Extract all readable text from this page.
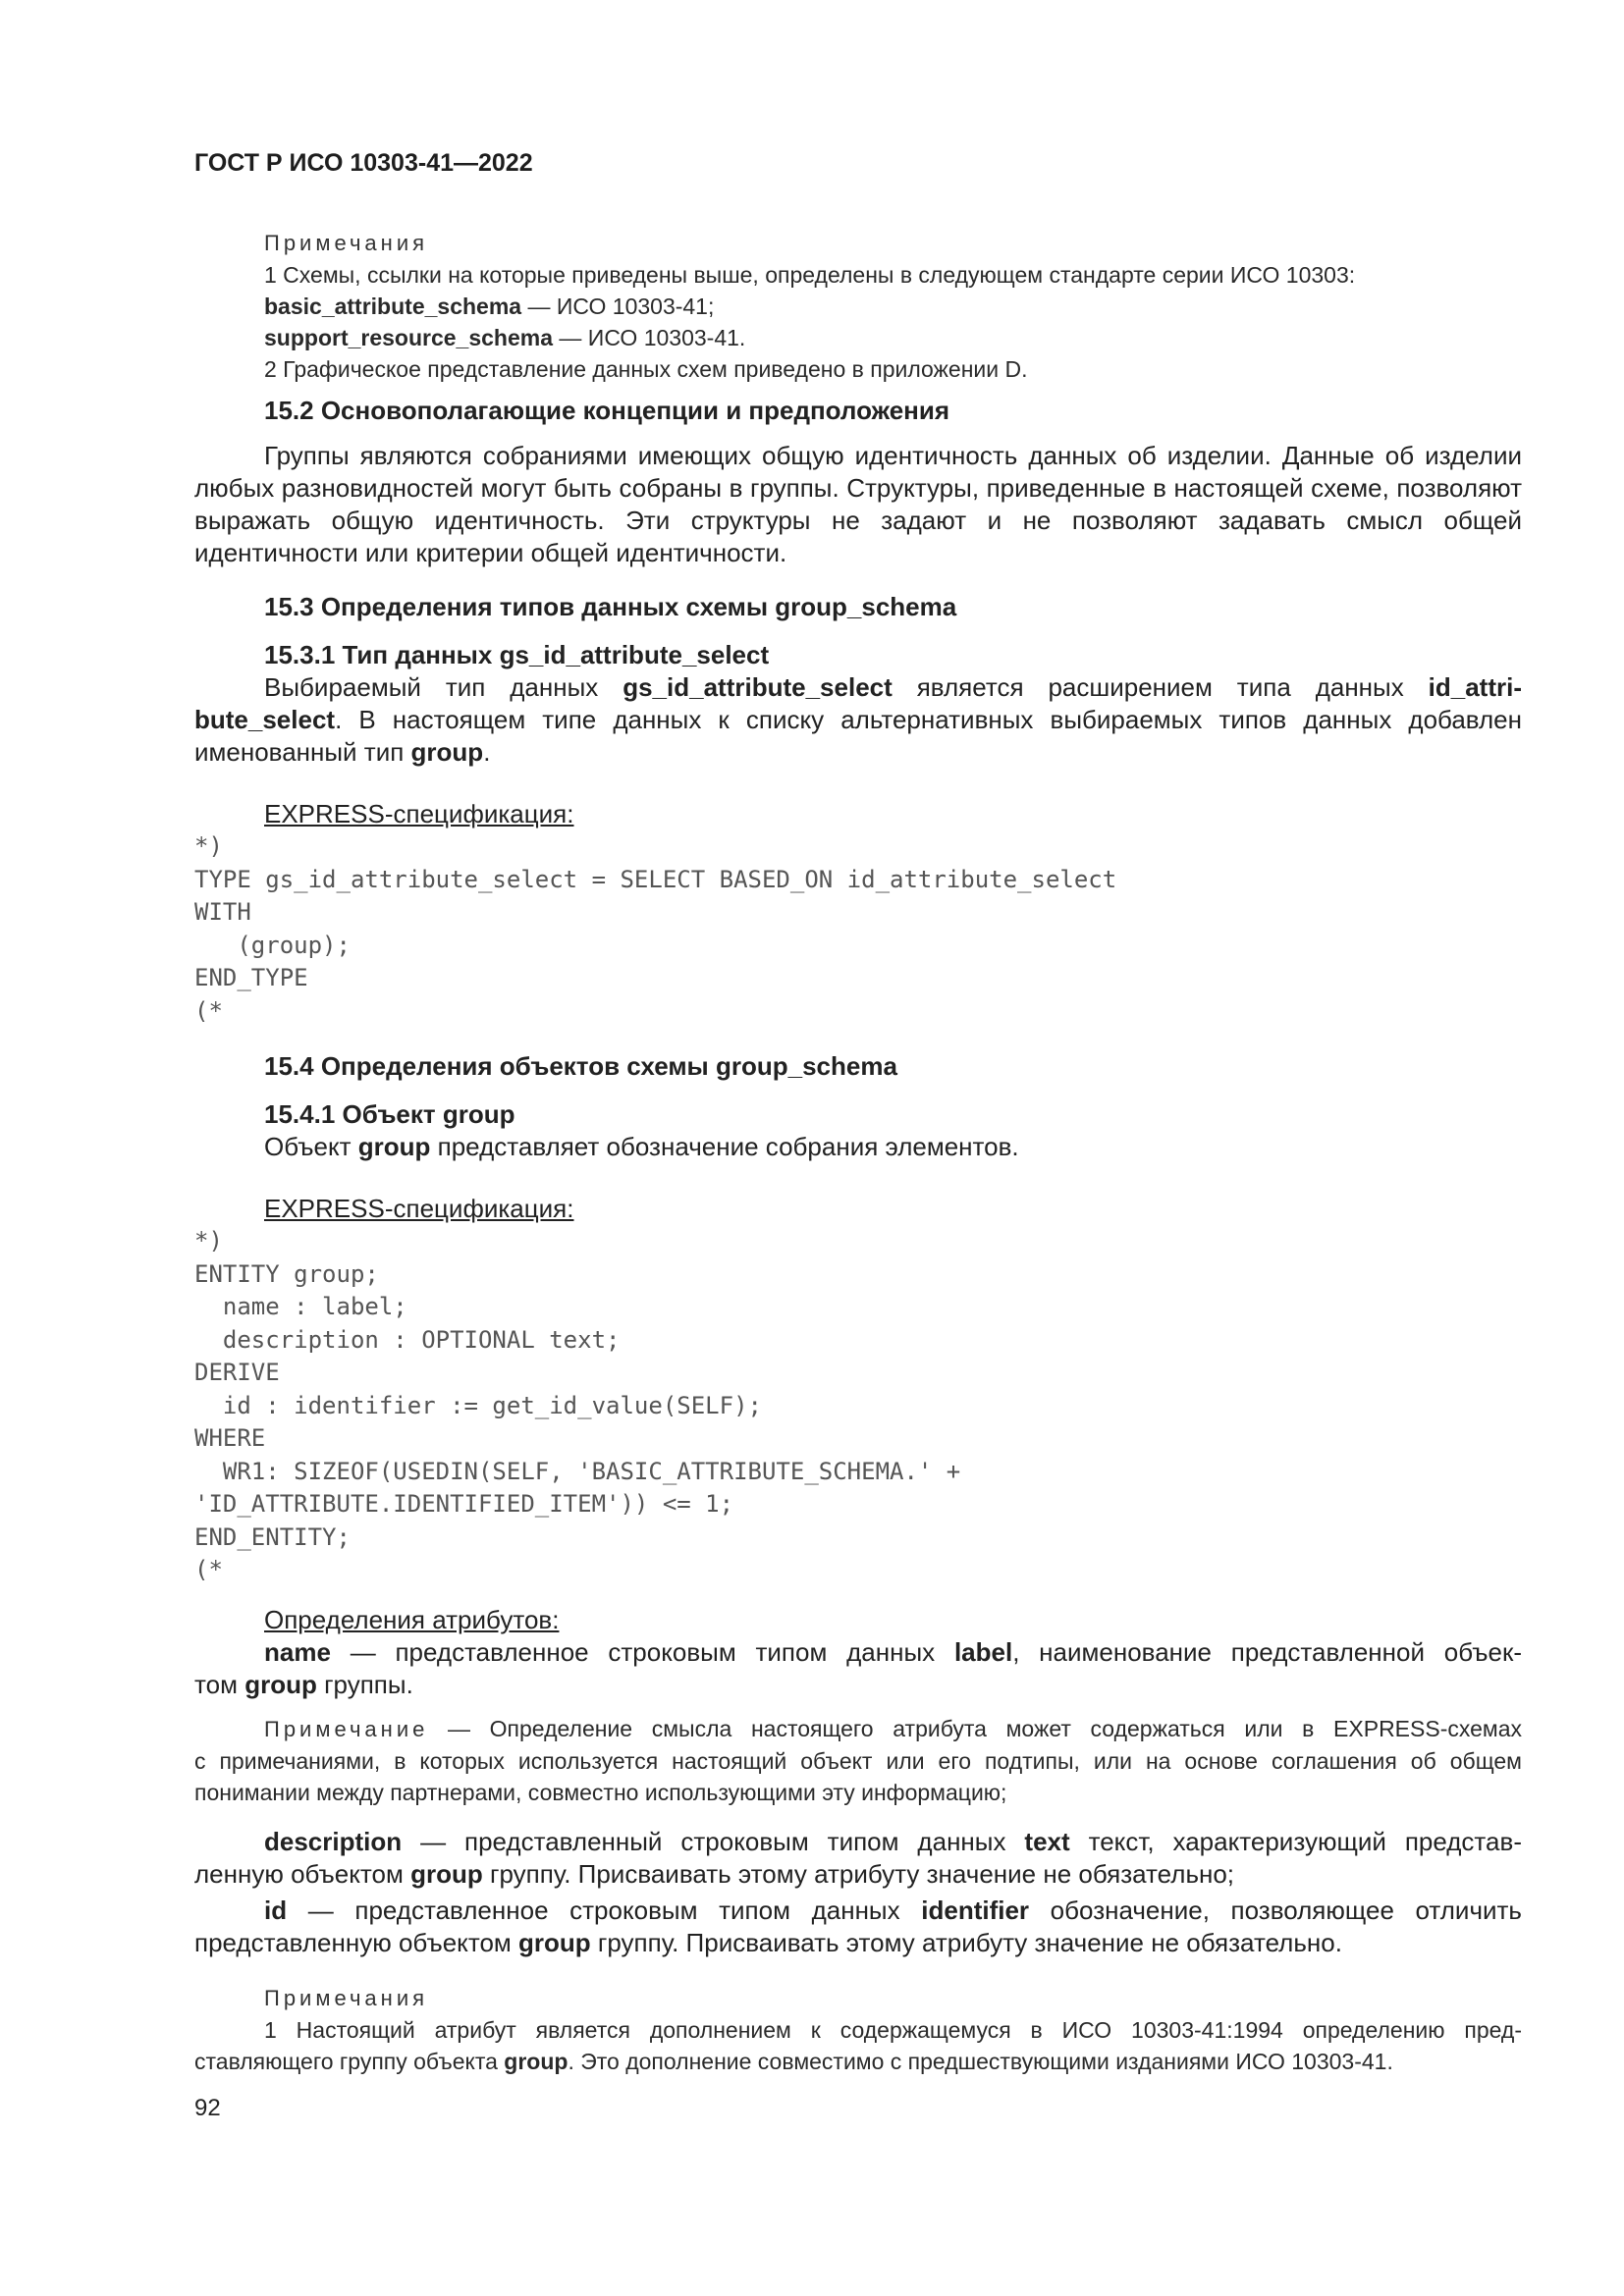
ГОСТ Р ИСО 10303-41—2022
Примечания
1 Схемы, ссылки на которые приведены выше, определены в следующем стандарте серии ИСО 10303:
basic_attribute_schema — ИСО 10303-41;
support_resource_schema — ИСО 10303-41.
2 Графическое представление данных схем приведено в приложении D.
15.2 Основополагающие концепции и предположения
Группы являются собраниями имеющих общую идентичность данных об изделии. Данные об изделии любых разновидностей могут быть собраны в группы. Структуры, приведенные в настоящей схеме, позволяют выражать общую идентичность. Эти структуры не задают и не позволяют задавать смысл общей идентичности или критерии общей идентичности.
15.3 Определения типов данных схемы group_schema
15.3.1 Тип данных gs_id_attribute_select
Выбираемый тип данных gs_id_attribute_select является расширением типа данных id_attri-
bute_select. В настоящем типе данных к списку альтернативных выбираемых типов данных добавлен
именованный тип group.
EXPRESS-спецификация:
*)
TYPE gs_id_attribute_select = SELECT BASED_ON id_attribute_select
WITH
(group);
END_TYPE
(*
15.4 Определения объектов схемы group_schema
15.4.1 Объект group
Объект group представляет обозначение собрания элементов.
EXPRESS-спецификация:
*)
ENTITY group;
name : label;
description : OPTIONAL text;
DERIVE
id : identifier := get_id_value(SELF);
WHERE
WR1: SIZEOF(USEDIN(SELF, 'BASIC_ATTRIBUTE_SCHEMA.' +
'ID_ATTRIBUTE.IDENTIFIED_ITEM')) <= 1;
END_ENTITY;
(*
Определения атрибутов:
name — представленное строковым типом данных label, наименование представленной объек-
том group группы.
Примечание — Определение смысла настоящего атрибута может содержаться или в EXPRESS-схемах
с примечаниями, в которых используется настоящий объект или его подтипы, или на основе соглашения об общем
понимании между партнерами, совместно использующими эту информацию;
description — представленный строковым типом данных text текст, характеризующий представ-
ленную объектом group группу. Присваивать этому атрибуту значение не обязательно;
id — представленное строковым типом данных identifier обозначение, позволяющее отличить
представленную объектом group группу. Присваивать этому атрибуту значение не обязательно.
Примечания
1 Настоящий атрибут является дополнением к содержащемуся в ИСО 10303-41:1994 определению пред-
ставляющего группу объекта group. Это дополнение совместимо с предшествующими изданиями ИСО 10303-41.
92
